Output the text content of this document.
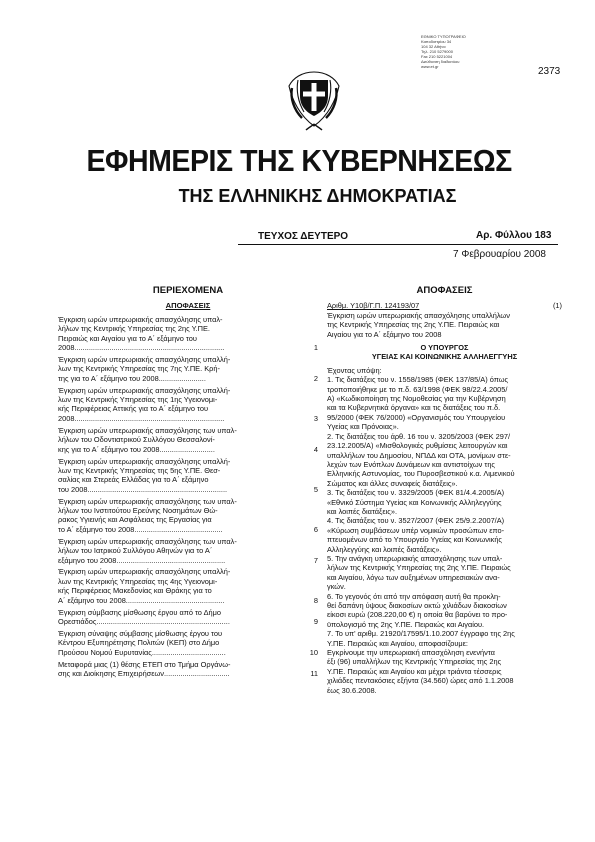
2373
ΕΘΝΙΚΟ ΤΥΠΟΓΡΑΦΕΙΟ
Καποδιστρίου 34
104 32 Αθήνα
Τηλ. 210 5279000
Fax 210 5221004
Διεύθυνση διαδικτύου
www.et.gr
ΕΦΗΜΕΡΙΣ ΤΗΣ ΚΥΒΕΡΝΗΣΕΩΣ
ΤΗΣ ΕΛΛΗΝΙΚΗΣ ΔΗΜΟΚΡΑΤΙΑΣ
ΤΕΥΧΟΣ ΔΕΥΤΕΡΟ	Αρ. Φύλλου 183
7 Φεβρουαρίου 2008
ΠΕΡΙΕΧΟΜΕΝΑ
ΑΠΟΦΑΣΕΙΣ
Έγκριση ωρών υπερωριακής απασχόλησης υπαλ-
λήλων της Κεντρικής Υπηρεσίας της 2ης Υ.ΠΕ.
Πειραιώς και Αιγαίου για το Α΄ εξάμηνο του
2008.........................................................................	1
Έγκριση ωρών υπερωριακής απασχόλησης υπαλλή-
λων της Κεντρικής Υπηρεσίας της 7ης Υ.ΠΕ. Κρή-
της για το Α΄ εξάμηνο του 2008.......................	2
Έγκριση ωρών υπερωριακής απασχόλησης υπαλλή-
λων της Κεντρικής Υπηρεσίας της 1ης Υγειονομι-
κής Περιφέρειας Αττικής για το Α΄ εξάμηνο του
2008.........................................................................	3
Έγκριση ωρών υπερωριακής απασχόλησης των υπαλ-
λήλων του Οδοντιατρικού Συλλόγου Θεσσαλονί-
κης για το Α΄ εξάμηνο του 2008...........................	4
Έγκριση ωρών υπερωριακής απασχόλησης υπαλλή-
λων της Κεντρικής Υπηρεσίας της 5ης Υ.ΠΕ. Θεσ-
σαλίας και Στερεάς Ελλάδας για το Α΄ εξάμηνο
του 2008....................................................................	5
Έγκριση ωρών υπερωριακής απασχόλησης των υπαλ-
λήλων του Ινστιτούτου Ερεύνης Νοσημάτων Θώ-
ρακος Υγιεινής και Ασφάλειας της Εργασίας για
το Α΄ εξάμηνο του 2008...........................................	6
Έγκριση ωρών υπερωριακής απασχόλησης των υπαλ-
λήλων του Ιατρικού Συλλόγου Αθηνών για το Α΄
εξάμηνο του 2008.....................................................	7
Έγκριση ωρών υπερωριακής απασχόλησης υπαλλή-
λων της Κεντρικής Υπηρεσίας της 4ης Υγειονομι-
κής Περιφέρειας Μακεδονίας και Θράκης για το
Α΄ εξάμηνο του 2008................................................	8
Έγκριση σύμβασης μίσθωσης έργου από το Δήμο
Ορεστιάδος.................................................................	9
Έγκριση σύναψης σύμβασης μίσθωσης έργου του
Κέντρου Εξυπηρέτησης Πολιτών (ΚΕΠ) στο Δήμο
Προύσου Νομού Ευρυτανίας....................................	10
Μεταφορά μιας (1) θέσης ΕΤΕΠ στο Τμήμα Οργάνω-
σης και Διοίκησης Επιχειρήσεων................................	11
ΑΠΟΦΑΣΕΙΣ
Αριθμ. Υ10β/Γ.Π. 124193/07	(1)
Έγκριση ωρών υπερωριακής απασχόλησης υπαλλήλων
της Κεντρικής Υπηρεσίας της 2ης Υ.ΠΕ. Πειραιώς και
Αιγαίου για το Α΄ εξάμηνο του 2008
Ο ΥΠΟΥΡΓΟΣ
ΥΓΕΙΑΣ ΚΑΙ ΚΟΙΝΩΝΙΚΗΣ ΑΛΛΗΛΕΓΓΥΗΣ
Έχοντας υπόψη:
1. Τις διατάξεις του ν. 1558/1985 (ΦΕΚ 137/85/Α) όπως
τροποποιήθηκε με το π.δ. 63/1998 (ΦΕΚ 98/22.4.2005/
Α) «Κωδικοποίηση της Νομοθεσίας για την Κυβέρνηση
και τα Κυβερνητικά όργανα» και τις διατάξεις του π.δ.
95/2000 (ΦΕΚ 76/2000) «Οργανισμός του Υπουργείου
Υγείας και Πρόνοιας».
2. Τις διατάξεις του άρθ. 16 του ν. 3205/2003 (ΦΕΚ 297/
23.12.2005/Α) «Μισθολογικές ρυθμίσεις λειτουργών και
υπαλλήλων του Δημοσίου, ΝΠΔΔ και ΟΤΑ, μονίμων στε-
λεχών των Ενόπλων Δυνάμεων και αντιστοίχων της
Ελληνικής Αστυνομίας, του Πυροσβεστικού κ.α. Λιμενικού
Σώματος και άλλες συναφείς διατάξεις».
3. Τις διατάξεις του ν. 3329/2005 (ΦΕΚ 81/4.4.2005/Α)
«Εθνικό Σύστημα Υγείας και Κοινωνικής Αλληλεγγύης
και λοιπές διατάξεις».
4. Τις διατάξεις του ν. 3527/2007 (ΦΕΚ 25/9.2.2007/Α)
«Κύρωση συμβάσεων υπέρ νομικών προσώπων επο-
πτευομένων από το Υπουργείο Υγείας και Κοινωνικής
Αλληλεγγύης και λοιπές διατάξεις».
5. Την ανάγκη υπερωριακής απασχόλησης των υπαλ-
λήλων της Κεντρικής Υπηρεσίας της 2ης Υ.ΠΕ. Πειραιώς
και Αιγαίου, λόγω των αυξημένων υπηρεσιακών ανα-
γκών.
6. Το γεγονός ότι από την απόφαση αυτή θα προκλη-
θεί δαπάνη ύψους διακοσίων οκτώ χιλιάδων διακοσίων
είκοσι ευρώ (208.220,00 €) η οποία θα βαρύνει το προ-
ϋπολογισμό της 2ης Υ.ΠΕ. Πειραιώς και Αιγαίου.
7. Το υπ' αριθμ. 21920/17595/1.10.2007 έγγραφο της 2ης
Υ.ΠΕ. Πειραιώς και Αιγαίου, αποφασίζουμε:
Εγκρίνουμε την υπερωριακή απασχόληση ενενήντα
έξι (96) υπαλλήλων της Κεντρικής Υπηρεσίας της 2ης
Υ.ΠΕ. Πειραιώς και Αιγαίου και μέχρι τριάντα τέσσερις
χιλιάδες πεντακόσιες εξήντα (34.560) ώρες από 1.1.2008
έως 30.6.2008.
